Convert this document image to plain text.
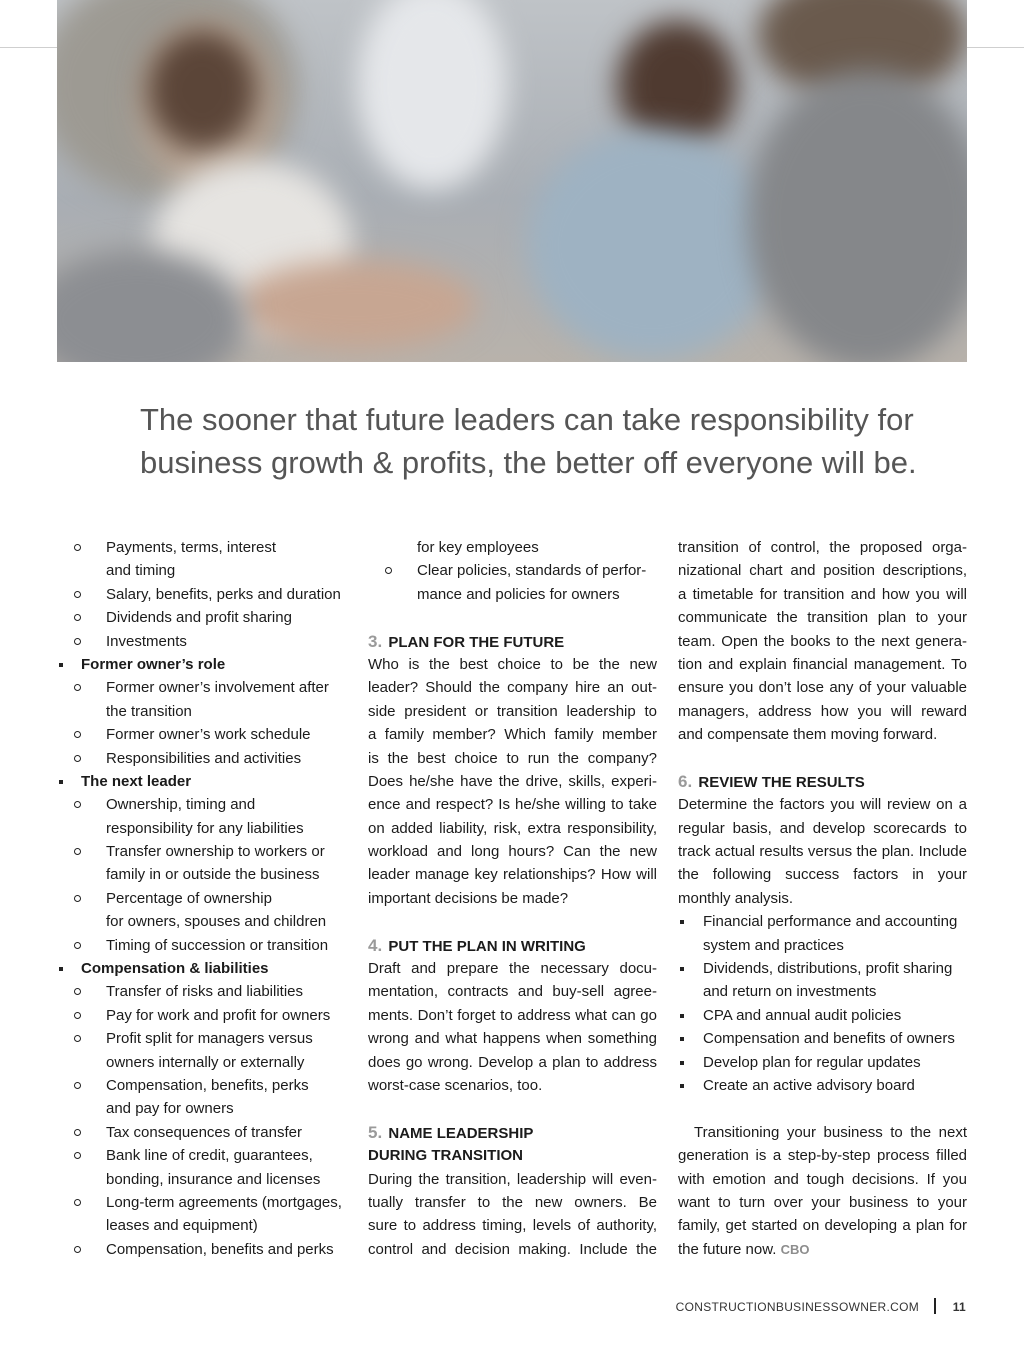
The sooner that future leaders can take responsibility for
business growth & profits, the better off everyone will be.

Payments, terms, interest
and timing
Salary, benefits, perks and duration
Dividends and profit sharing
Investments
Former owner’s role
Former owner’s involvement after
the transition
Former owner’s work schedule
Responsibilities and activities
The next leader
Ownership, timing and
responsibility for any liabilities
Transfer ownership to workers or
family in or outside the business
Percentage of ownership
for owners, spouses and children
Timing of succession or transition
Compensation & liabilities
Transfer of risks and liabilities
Pay for work and profit for owners
Profit split for managers versus
owners internally or externally
Compensation, benefits, perks
and pay for owners
Tax consequences of transfer
Bank line of credit, guarantees,
bonding, insurance and licenses
Long-term agreements (mortgages,
leases and equipment)
Compensation, benefits and perks
for key employees
Clear policies, standards of perfor-
mance and policies for owners
3. PLAN FOR THE FUTURE
Who is the best choice to be the new
leader? Should the company hire an out-
side president or transition leadership to
a family member? Which family member
is the best choice to run the company?
Does he/she have the drive, skills, experi-
ence and respect? Is he/she willing to take
on added liability, risk, extra responsibility,
workload and long hours? Can the new
leader manage key relationships? How will
important decisions be made?
4. PUT THE PLAN IN WRITING
Draft and prepare the necessary docu-
mentation, contracts and buy-sell agree-
ments. Don’t forget to address what can go
wrong and what happens when something
does go wrong. Develop a plan to address
worst-case scenarios, too.
5. NAME LEADERSHIP
DURING TRANSITION
During the transition, leadership will even-
tually transfer to the new owners. Be
sure to address timing, levels of authority,
control and decision making. Include the
transition of control, the proposed orga-
nizational chart and position descriptions,
a timetable for transition and how you will
communicate the transition plan to your
team. Open the books to the next genera-
tion and explain financial management. To
ensure you don’t lose any of your valuable
managers, address how you will reward
and compensate them moving forward.
6. REVIEW THE RESULTS
Determine the factors you will review on a
regular basis, and develop scorecards to
track actual results versus the plan. Include
the following success factors in your
monthly analysis.
Financial performance and accounting
system and practices
Dividends, distributions, profit sharing
and return on investments
CPA and annual audit policies
Compensation and benefits of owners
Develop plan for regular updates
Create an active advisory board
Transitioning your business to the next
generation is a step-by-step process filled
with emotion and tough decisions. If you
want to turn over your business to your
family, get started on developing a plan for
the future now. CBO
CONSTRUCTIONBUSINESSOWNER.COM	11
